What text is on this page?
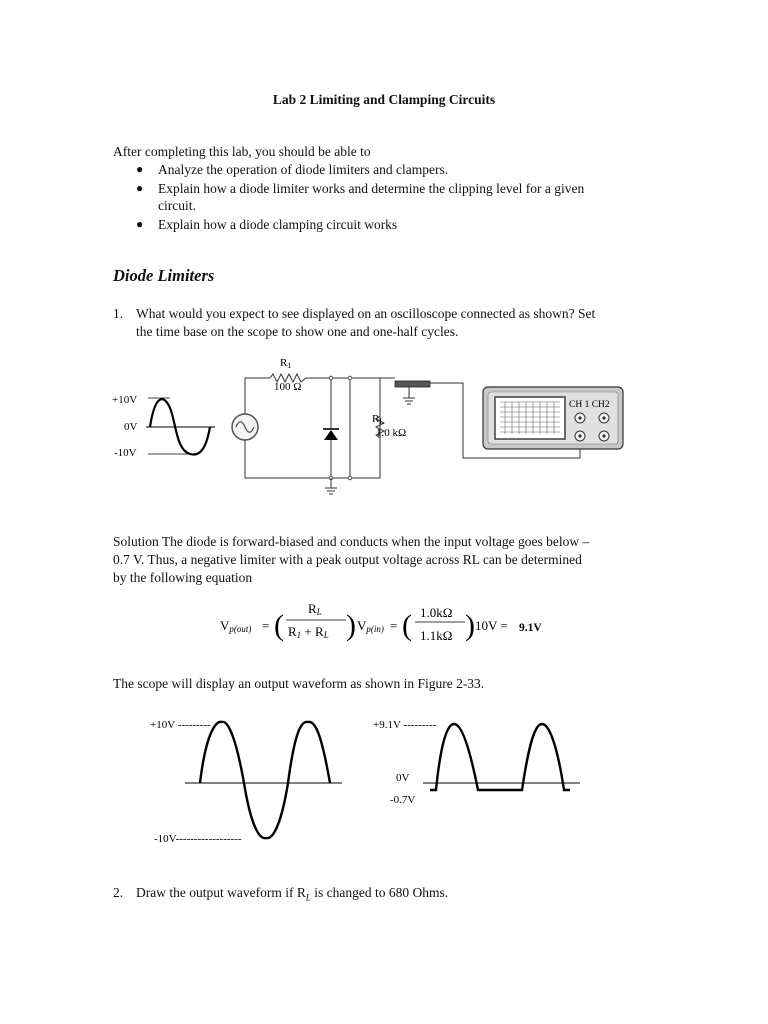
Lab 2 Limiting and Clamping Circuits
After completing this lab, you should be able to
● Analyze the operation of diode limiters and clampers.
● Explain how a diode limiter works and determine the clipping level for a given
circuit.
● Explain how a diode clamping circuit works
Diode Limiters
1. What would you expect to see displayed on an oscilloscope connected as shown? Set
the time base on the scope to show one and one-half cycles.
+10V
0V
-10V
R1
100 Ω
RL
1.0 kΩ
CH 1 CH2
Solution The diode is forward-biased and conducts when the input voltage goes below –
0.7 V. Thus, a negative limiter with a peak output voltage across RL can be determined
by the following equation
Vp(out) = (
RL
R1 + RL ) Vp(in) = ( 1.0kΩ
1.1kΩ ) 10V = 9.1V
The scope will display an output waveform as shown in Figure 2-33.
+10V ---------
-10V------------------
+9.1V ---------
0V
-0.7V
2. Draw the output waveform if $R_L$ is changed to 680 Ohms.
